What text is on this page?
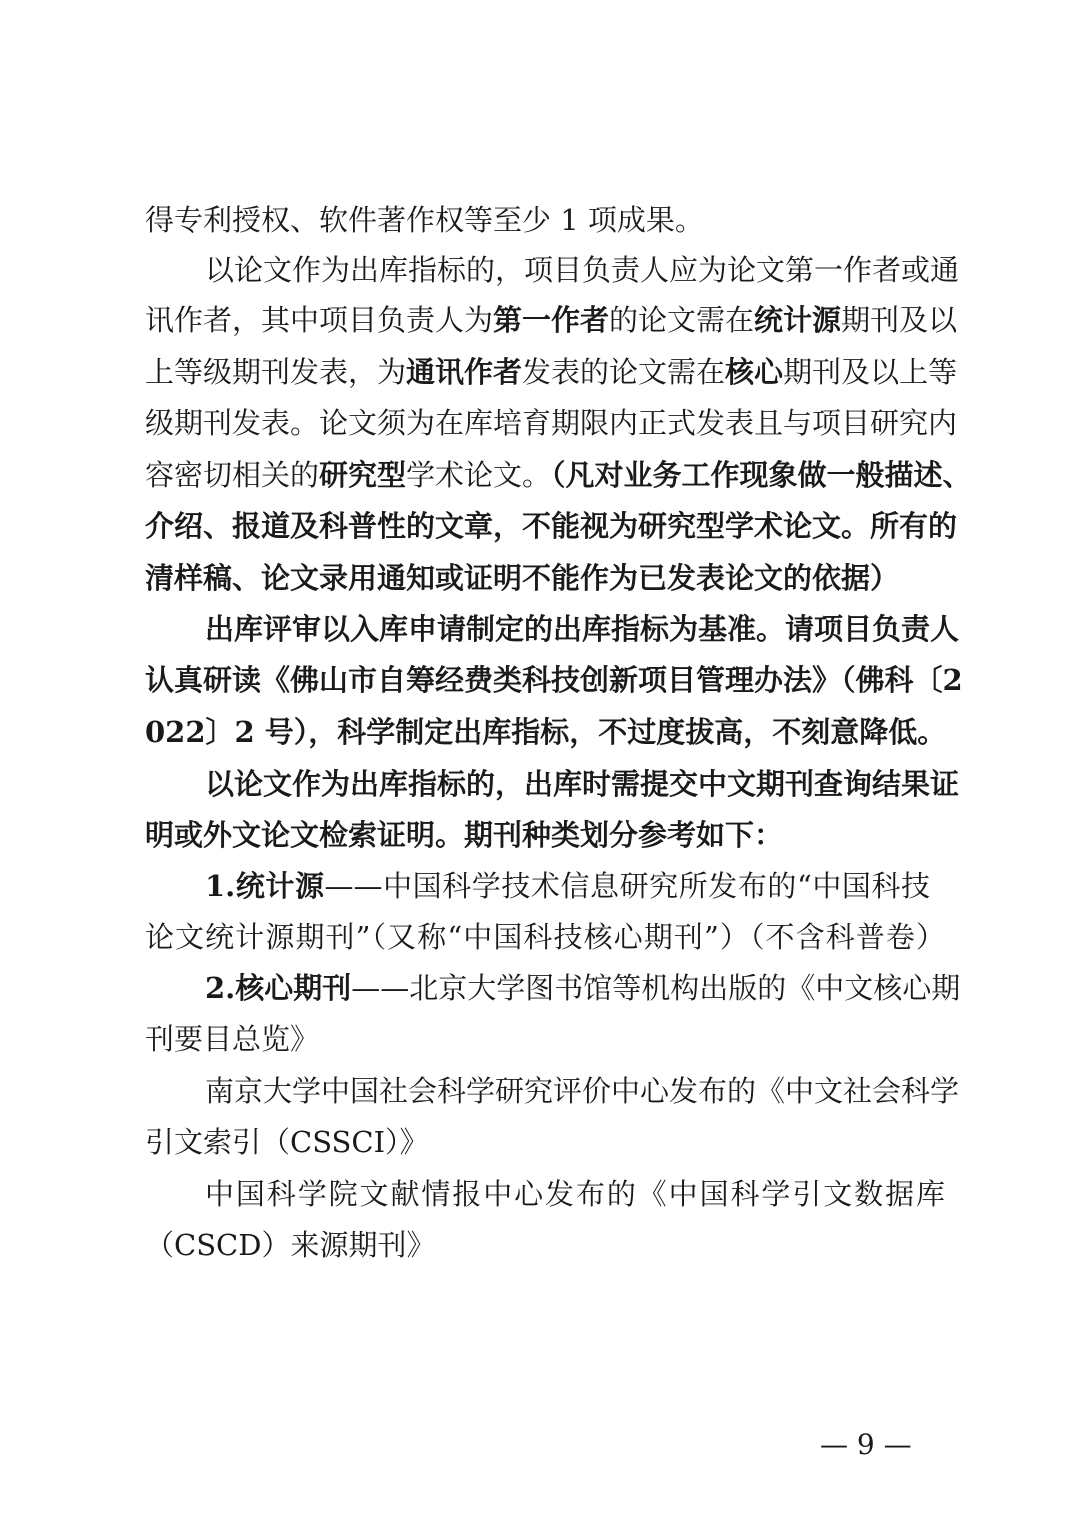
得专利授权、软件著作权等至少 1 项成果。
以论文作为出库指标的，项目负责人应为论文第一作者或通
讯作者，其中项目负责人为第一作者的论文需在统计源期刊及以
上等级期刊发表，为通讯作者发表的论文需在核心期刊及以上等
级期刊发表。论文须为在库培育期限内正式发表且与项目研究内
容密切相关的研究型学术论文。（凡对业务工作现象做一般描述、
介绍、报道及科普性的文章，不能视为研究型学术论文。所有的
清样稿、论文录用通知或证明不能作为已发表论文的依据）
出库评审以入库申请制定的出库指标为基准。请项目负责人
认真研读《佛山市自筹经费类科技创新项目管理办法》（佛科〔2
022〕2 号），科学制定出库指标，不过度拔高，不刻意降低。
以论文作为出库指标的，出库时需提交中文期刊查询结果证
明或外文论文检索证明。期刊种类划分参考如下：
1.统计源——中国科学技术信息研究所发布的“中国科技
论文统计源期刊”（又称“中国科技核心期刊”）（不含科普卷）
2.核心期刊——北京大学图书馆等机构出版的《中文核心期
刊要目总览》
南京大学中国社会科学研究评价中心发布的《中文社会科学
引文索引（CSSCI）》
中国科学院文献情报中心发布的《中国科学引文数据库
（CSCD）来源期刊》
— 9 —
